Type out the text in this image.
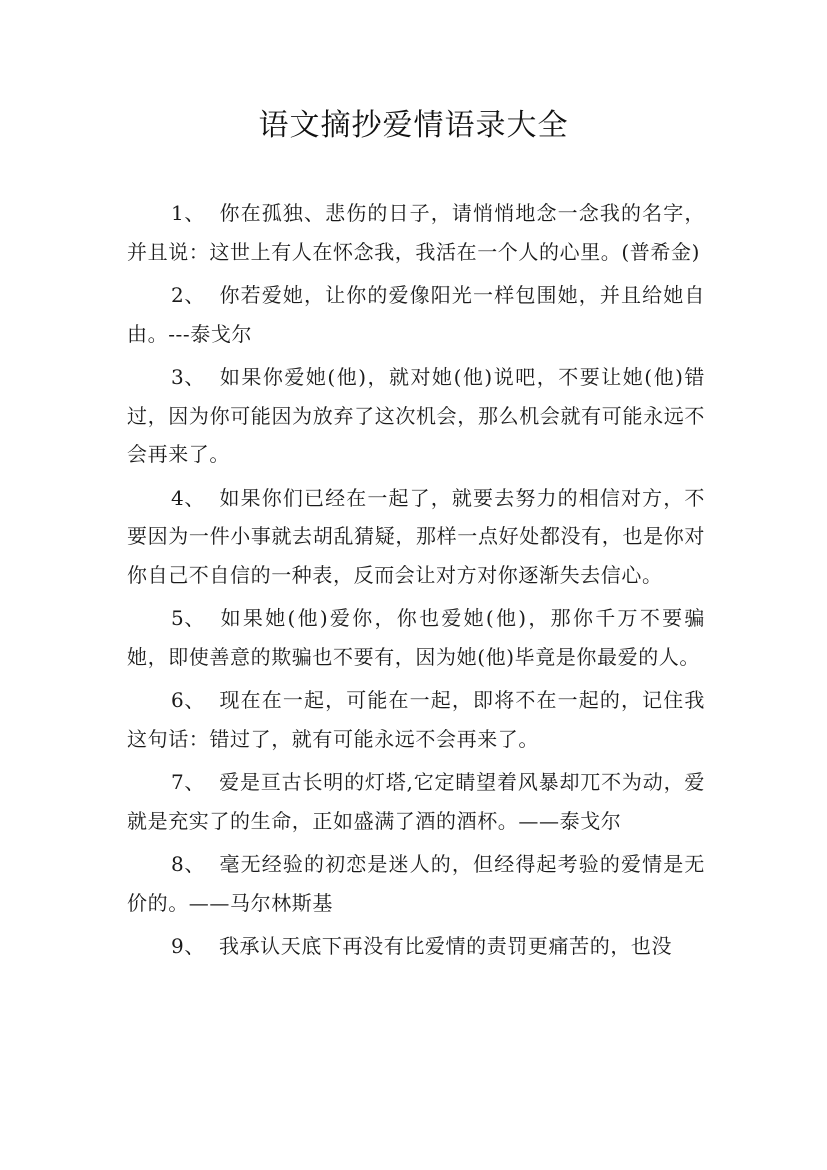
语文摘抄爱情语录大全

1、 你在孤独、悲伤的日子，请悄悄地念一念我的名字，并且说：这世上有人在怀念我，我活在一个人的心里。(普希金)

2、 你若爱她，让你的爱像阳光一样包围她，并且给她自由。---泰戈尔

3、 如果你爱她(他)，就对她(他)说吧，不要让她(他)错过，因为你可能因为放弃了这次机会，那么机会就有可能永远不会再来了。

4、 如果你们已经在一起了，就要去努力的相信对方，不要因为一件小事就去胡乱猜疑，那样一点好处都没有，也是你对你自己不自信的一种表，反而会让对方对你逐渐失去信心。

5、 如果她(他)爱你，你也爱她(他)，那你千万不要骗她，即使善意的欺骗也不要有，因为她(他)毕竟是你最爱的人。

6、 现在在一起，可能在一起，即将不在一起的，记住我这句话：错过了，就有可能永远不会再来了。

7、 爱是亘古长明的灯塔,它定睛望着风暴却兀不为动，爱就是充实了的生命，正如盛满了酒的酒杯。——泰戈尔

8、 毫无经验的初恋是迷人的，但经得起考验的爱情是无价的。——马尔林斯基

9、 我承认天底下再没有比爱情的责罚更痛苦的，也没
